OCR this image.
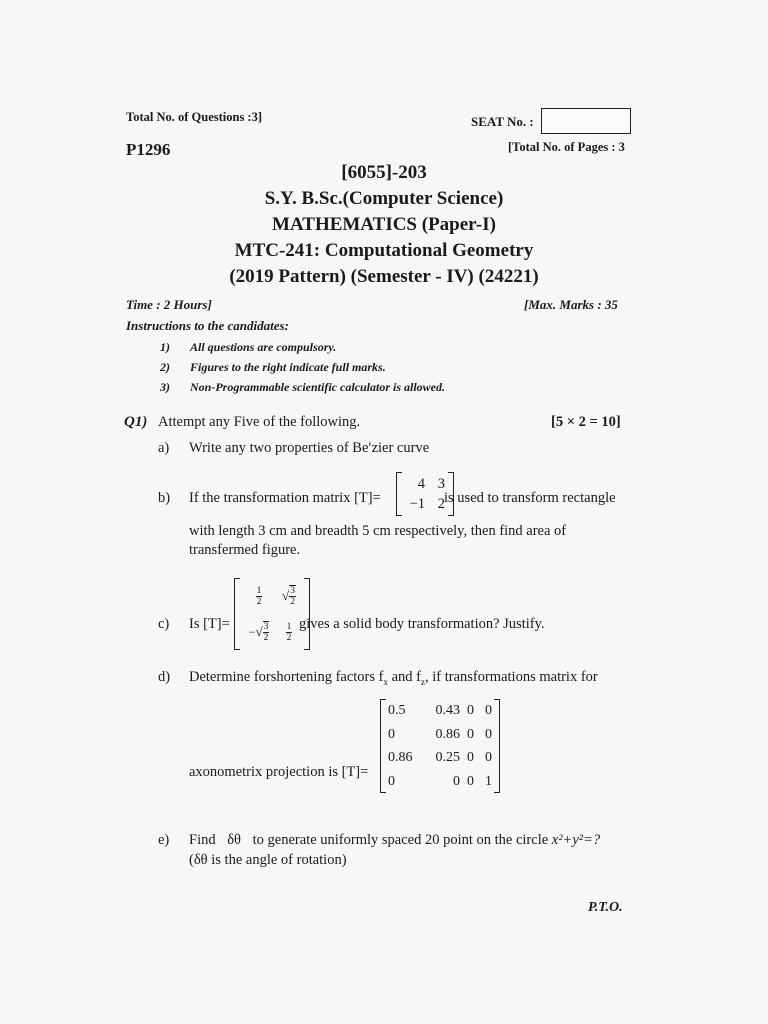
Total No. of Questions :3]	SEAT No. :
P1296	[Total No. of Pages : 3
[6055]-203
S.Y. B.Sc.(Computer Science)
MATHEMATICS (Paper-I)
MTC-241: Computational Geometry
(2019 Pattern) (Semester - IV) (24221)
Time : 2 Hours]	[Max. Marks : 35
Instructions to the candidates:
1) All questions are compulsory.
2) Figures to the right indicate full marks.
3) Non-Programmable scientific calculator is allowed.
Q1) Attempt any Five of the following.	[5 × 2 = 10]
a) Write any two properties of Be′zier curve
b) If the transformation matrix [T]=
4 3
−1 2 is used to transform rectangle
with length 3 cm and breadth 5 cm respectively, then find area of
transfermed figure.
c) Is [T]=
$\frac{1}{2}$ √ $\frac{3}{2}$
− √ $\frac{3}{2} \frac{1}{2}$ gives a solid body transformation? Justify.
d) Determine forshortening factors $f_x$ and $f_z$, if transformations matrix for
axonometrix projection is [T]=
0.5	0.43 0 0
0	0.86 0 0
0.86	0.25 0 0
0	0 0 1
e) Find δθ to generate uniformly spaced 20 point on the circle x²+y²=?
(δθ is the angle of rotation)
P.T.O.
